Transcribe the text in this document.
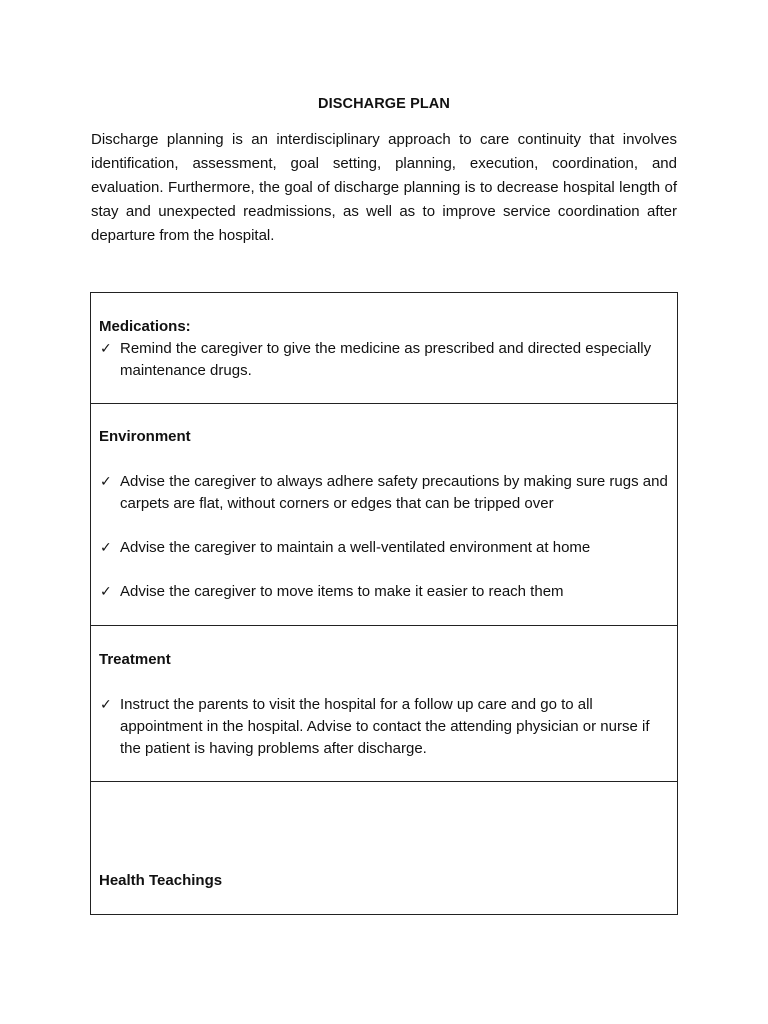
DISCHARGE PLAN

Discharge planning is an interdisciplinary approach to care continuity that involves identification, assessment, goal setting, planning, execution, coordination, and evaluation. Furthermore, the goal of discharge planning is to decrease hospital length of stay and unexpected readmissions, as well as to improve service coordination after departure from the hospital.

Medications:

✓ Remind the caregiver to give the medicine as prescribed and directed especially maintenance drugs.

Environment

✓ Advise the caregiver to always adhere safety precautions by making sure rugs and carpets are flat, without corners or edges that can be tripped over
✓ Advise the caregiver to maintain a well-ventilated environment at home
✓ Advise the caregiver to move items to make it easier to reach them

Treatment

✓ Instruct the parents to visit the hospital for a follow up care and go to all appointment in the hospital. Advise to contact the attending physician or nurse if the patient is having problems after discharge.

Health Teachings
